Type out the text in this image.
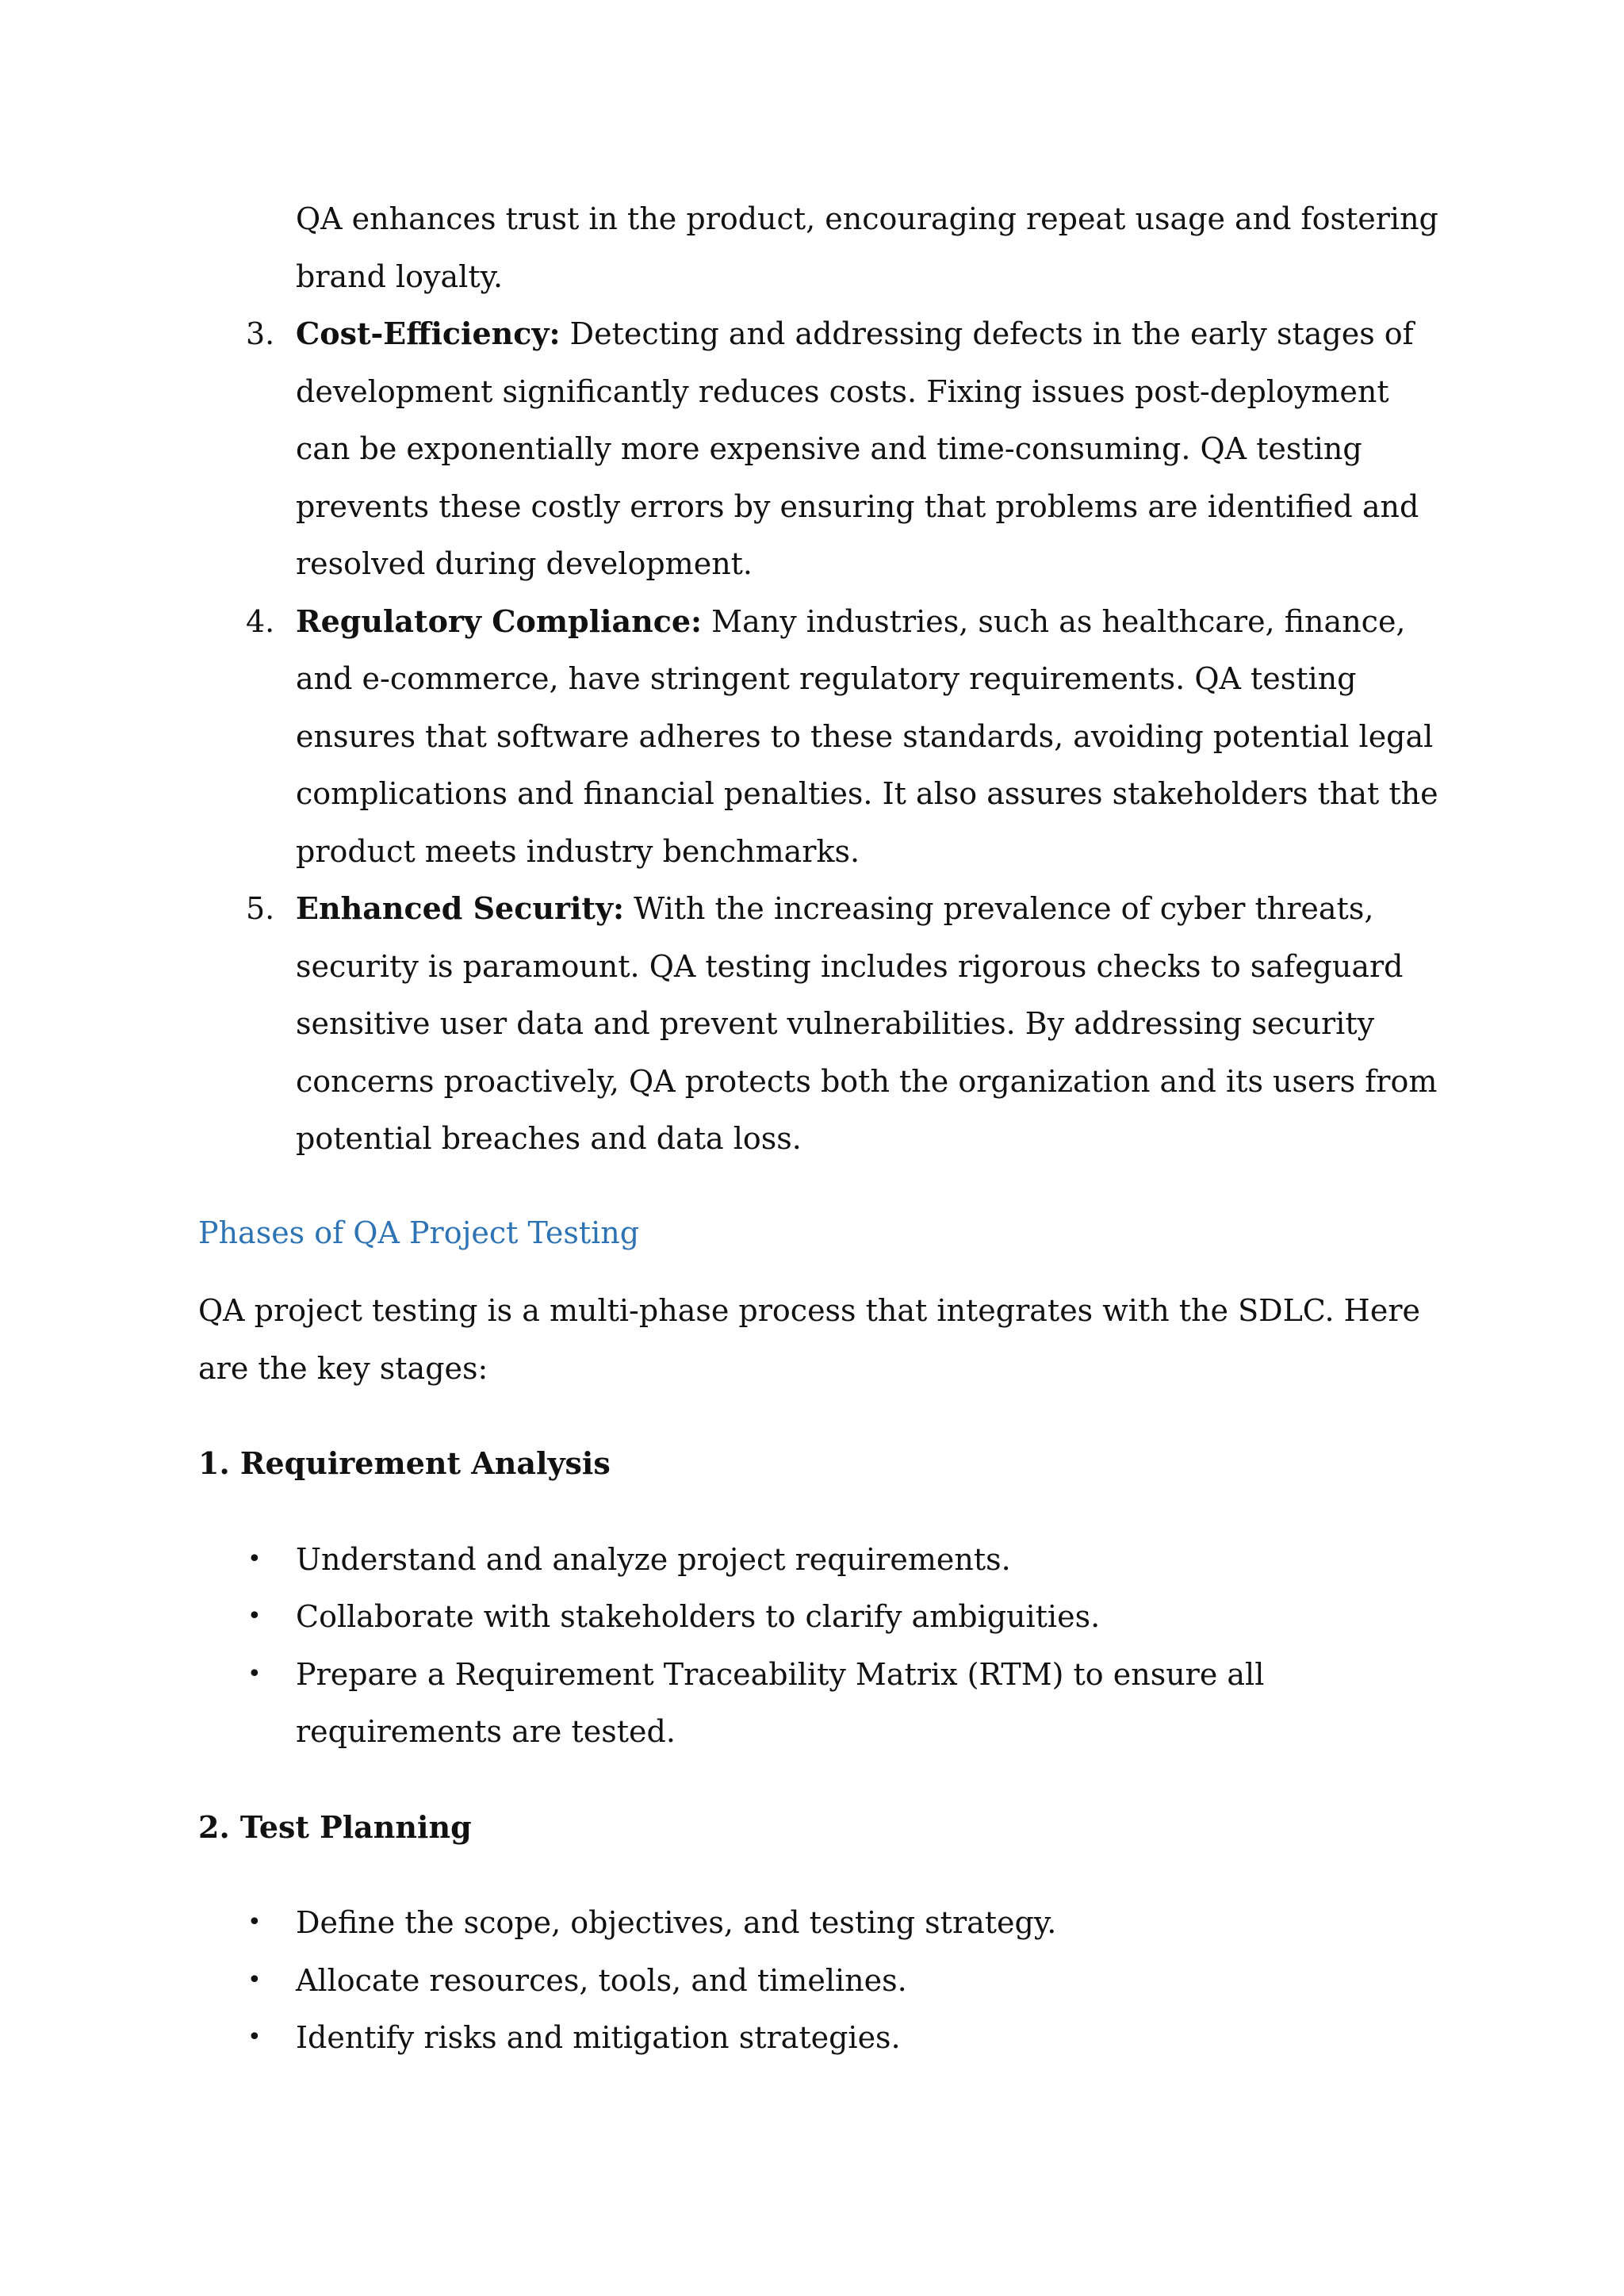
QA enhances trust in the product, encouraging repeat usage and fostering brand loyalty.

3. Cost-Efficiency: Detecting and addressing defects in the early stages of development significantly reduces costs. Fixing issues post-deployment can be exponentially more expensive and time-consuming. QA testing prevents these costly errors by ensuring that problems are identified and resolved during development.
4. Regulatory Compliance: Many industries, such as healthcare, finance, and e-commerce, have stringent regulatory requirements. QA testing ensures that software adheres to these standards, avoiding potential legal complications and financial penalties. It also assures stakeholders that the product meets industry benchmarks.
5. Enhanced Security: With the increasing prevalence of cyber threats, security is paramount. QA testing includes rigorous checks to safeguard sensitive user data and prevent vulnerabilities. By addressing security concerns proactively, QA protects both the organization and its users from potential breaches and data loss.
Phases of QA Project Testing

QA project testing is a multi-phase process that integrates with the SDLC. Here are the key stages:

1. Requirement Analysis
• Understand and analyze project requirements.
• Collaborate with stakeholders to clarify ambiguities.
• Prepare a Requirement Traceability Matrix (RTM) to ensure all requirements are tested.
2. Test Planning
• Define the scope, objectives, and testing strategy.
• Allocate resources, tools, and timelines.
• Identify risks and mitigation strategies.
